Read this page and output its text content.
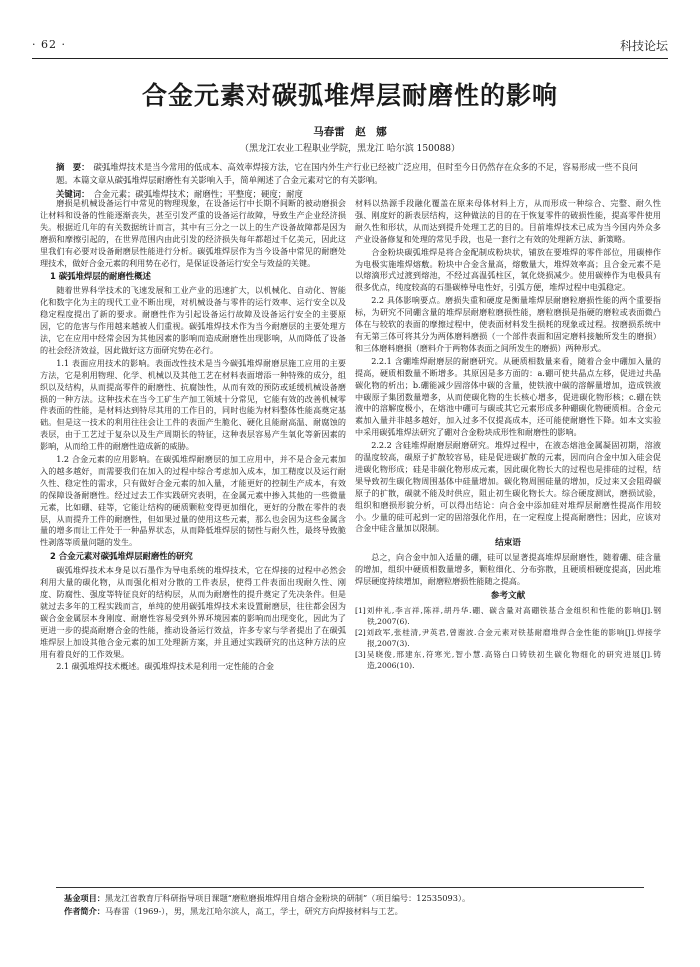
· 62 ·	科技论坛
合金元素对碳弧堆焊层耐磨性的影响
马春雷　赵　娜
（黑龙江农业工程职业学院，黑龙江 哈尔滨 150088）
摘　要： 碳弧堆焊技术是当今常用的低成本、高效率焊接方法，它在国内外生产行业已经被广泛应用，但时至今日仍然存在众多的不足，容易形成一些不良问题。本篇文章从碳弧堆焊层耐磨性有关影响入手，简单阐述了合金元素对它的有关影响。
关键词： 合金元素；碳弧堆焊技术；耐磨性；平整度；硬度；耐度

磨损是机械设备运行中常见的物理现象，在设备运行中长期不间断的被动磨损会让材料和设备的性能逐渐丧失，甚至引发严重的设备运行故障，导致生产企业经济损失。根据近几年的有关数据统计而言，其中有三分之一以上的生产设备故障都是因为磨损和摩擦引起的，在世界范围内由此引发的经济损失每年都超过千亿美元，因此这里我们有必要对设备耐磨层性能进行分析。碳弧堆焊层作为当今设备中常见的耐磨处理技术，做好合金元素的利用势在必行，是保证设备运行安全与效益的关键。

1 碳弧堆焊层的耐磨性概述

随着世界科学技术的飞速发展和工业产业的迅速扩大，以机械化、自动化、智能化和数字化为主的现代工业不断出现，对机械设备与零件的运行效率、运行安全以及稳定程度提出了新的要求。耐磨性作为引起设备运行故障及设备运行安全的主要原因，它的危害与作用越来越被人们重视。碳弧堆焊技术作为当今耐磨层的主要处理方法，它在应用中经常会因为其他因素的影响而造成耐磨性出现影响，从而降低了设备的社会经济效益，因此做好这方面研究势在必行。

1.1 表面应用技术的影响。表面改性技术是当今碳弧堆焊耐磨层施工应用的主要方法，它是利用物理、化学、机械以及其他工艺在材料表面增添一种特殊的成分，组织以及结构，从而提高零件的耐磨性、抗腐蚀性，从而有效的预防或延缓机械设备磨损的一种方法。这种技术在当今工矿生产加工领域十分常见，它能有效的改善机械零件表面的性能，是材料达到特尽其用的工作目的，同时也能为材料整体性能高奠定基础。但是这一技术的利用往往会让工件的表面产生脆化、硬化且能耐高温、耐腐蚀的表层，由于工艺过于复杂以及生产周期长的特征，这种表层容易产生氧化等新因素的影响，从而给工件的耐磨性造成新的威胁。

1.2 合金元素的应用影响。在碳弧堆焊耐磨层的加工应用中，并不是合金元素加入的越多越好，而需要我们在加入的过程中综合考虑加入成本，加工精度以及运行耐久性、稳定性的需求，只有做好合金元素的加入量，才能更好的控制生产成本，有效的保障设备耐磨性。经过过去工作实践研究表明，在金属元素中掺入其他的一些微量元素，比如硼、硅等，它能让结构的硬质颗粒变得更加细化，更好的分散在零件的表层，从而提升工件的耐磨性，但如果过量的使用这些元素，那么也会因为这些金属含量的增多而让工件处于一种晶界状态，从而降低堆焊层的韧性与耐久性，最终导致脆性剥落等质量问题的发生。

2 合金元素对碳弧堆焊层耐磨性的研究

碳弧堆焊技术本身是以石墨作为导电系统的堆焊技术，它在焊接的过程中必然会利用大量的碳化物，从而强化相对分散的工件表层，使得工件表面出现耐久性、刚度、防腐性、强度等特征良好的结构层，从而为耐磨性的提升奠定了先决条件。但是就过去多年的工程实践而言，单纯的使用碳弧堆焊技术来设置耐磨层，往往都会因为碳合金金属层本身刚度、耐磨性容易受到外界环境因素的影响而出现变化，因此为了更进一步的提高耐磨合金的性能，推动设备运行效益，许多专家与学者提出了在碳弧堆焊层上加设其他合金元素的加工处理新方案，并且通过实践研究的出这种方法的应用有着良好的工作效果。

2.1 碳弧堆焊技术概述。碳弧堆焊技术是利用一定性能的合金

材料以热源手段融化覆盖在原来母体材料上方，从而形成一种综合、完整、耐久性强、刚度好的新表层结构，这种做法的目的在于恢复零件的破损性能，提高零件使用耐久性和形状，从而达到提升处理工艺的目的。目前堆焊技术已成为当今国内外众多产业设备修复和处理的常见手段，也是一套行之有效的处理新方法、新策略。

合金粉块碳弧堆焊是将合金配制成粉块状，铺放在要堆焊的零件部位，用碳棒作为电极实施堆焊熔敷。粉块中合金含量高，熔敷量大，堆焊效率高；且合金元素不是以熔滴形式过渡到熔池，不经过高温弧柱区，氧化烧损减少。使用碳棒作为电极具有很多优点，纯度较高的石墨碳棒导电性好，引弧方便，堆焊过程中电弧稳定。

2.2 具体影响要点。磨损失重和硬度是衡量堆焊层耐磨粒磨损性能的两个重要指标，为研究不同硼含量的堆焊层耐磨粒磨损性能，磨粒磨损是指硬的磨粒或表面微凸体在与较软的表面的摩擦过程中，使表面材料发生损耗的现象或过程。按磨损系统中有无第三体可将其分为两体磨料磨损（一个部件表面和固定磨料接触所发生的磨损）和三体磨料磨损（磨料介于两物体表面之间所发生的磨损）两种形式。

2.2.1 含硼堆焊耐磨层的耐磨研究。从硬质相数量来看，随着合金中硼加入量的提高，硬质相数量不断增多。其原因是多方面的：a.硼可使共晶点左移，促进过共晶碳化物的析出；b.硼能减少固溶体中碳的含量，使铁液中碳的溶解量增加，造成铁液中碳原子集团数量增多，从而使碳化物的生长核心增多，促进碳化物形核；c.硼在铁液中的溶解度极小，在熔池中硼可与碳或其它元素形成多种硼碳化物硬质相。合金元素加入量并非越多越好，加入过多不仅提高成本，还可能使耐磨性下降。如本文实验中采用碳弧堆焊法研究了硼对合金粉块成形性和耐磨性的影响。

2.2.2 含硅堆焊耐磨层耐磨研究。堆焊过程中，在液态熔池金属凝固初期，溶液的温度较高，碳原子扩散较容易，硅是促进碳扩散的元素，因而向合金中加入硅会促进碳化物形成；硅是非碳化物形成元素，因此碳化物长大的过程也是排硅的过程，结果导致初生碳化物周围基体中硅量增加。碳化物周围硅量的增加，反过来又会阻碍碳原子的扩散，碳就不能及时供应，阻止初生碳化物长大。综合硬度测试，磨损试验，组织和磨损形貌分析，可以得出结论：向合金中添加硅对堆焊层耐磨性提高作用较小。少量的硅可起到一定的固溶强化作用，在一定程度上提高耐磨性；因此，应该对合金中硅含量加以限制。

结束语

总之，向合金中加入适量的硼，硅可以显著提高堆焊层耐磨性，随着硼、硅含量的增加，组织中硬质相数量增多，颗粒细化、分布弥散，且硬质相硬度提高，因此堆焊层硬度持续增加，耐磨粒磨损性能随之提高。

参考文献
[1]刘仲礼,李言祥,陈祥,胡丹华.硼、碳含量对高硼铁基合金组织和性能的影响[J].钢铁,2007(6).
[2]刘政军,张桂清,尹英君,曾谢波.合金元素对铁基耐磨堆焊合金性能的影响[J].焊接学报,2007(3).
[3]吴晓俊,邢建东,符寒光,智小慧.高铬白口铸铁初生碳化物细化的研究进展[J].铸造,2006(10).
基金项目：黑龙江省教育厅科研指导项目课题“磨粒磨损堆焊用自熔合金粉块的研制”（项目编号：12535093）。
作者简介：马春雷（1969-），男，黑龙江哈尔滨人，高工，学士，研究方向焊接材料与工艺。
